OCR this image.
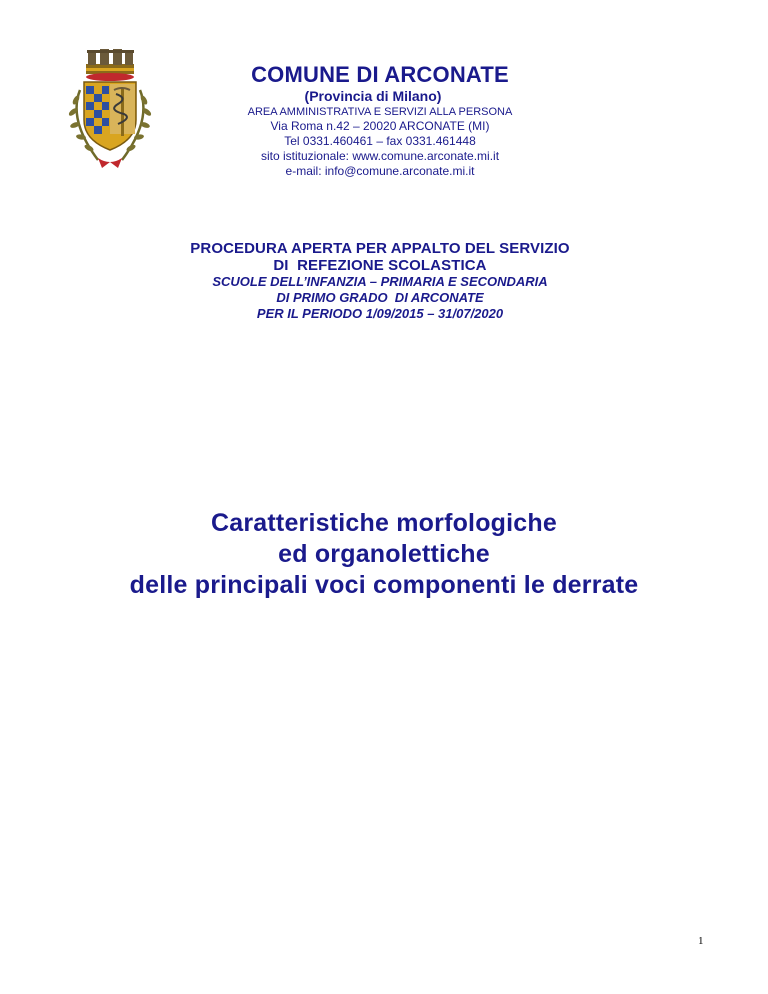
COMUNE DI ARCONATE
(Provincia di Milano)
AREA AMMINISTRATIVA E SERVIZI ALLA PERSONA
Via Roma n.42 – 20020 ARCONATE (MI)
Tel 0331.460461 – fax 0331.461448
sito istituzionale: www.comune.arconate.mi.it
e-mail: info@comune.arconate.mi.it
PROCEDURA APERTA PER APPALTO DEL SERVIZIO
DI  REFEZIONE SCOLASTICA
SCUOLE DELL’INFANZIA – PRIMARIA E SECONDARIA
DI PRIMO GRADO  DI ARCONATE
PER IL PERIODO 1/09/2015 – 31/07/2020
Caratteristiche morfologiche
ed organolettiche
delle principali voci componenti le derrate
1
